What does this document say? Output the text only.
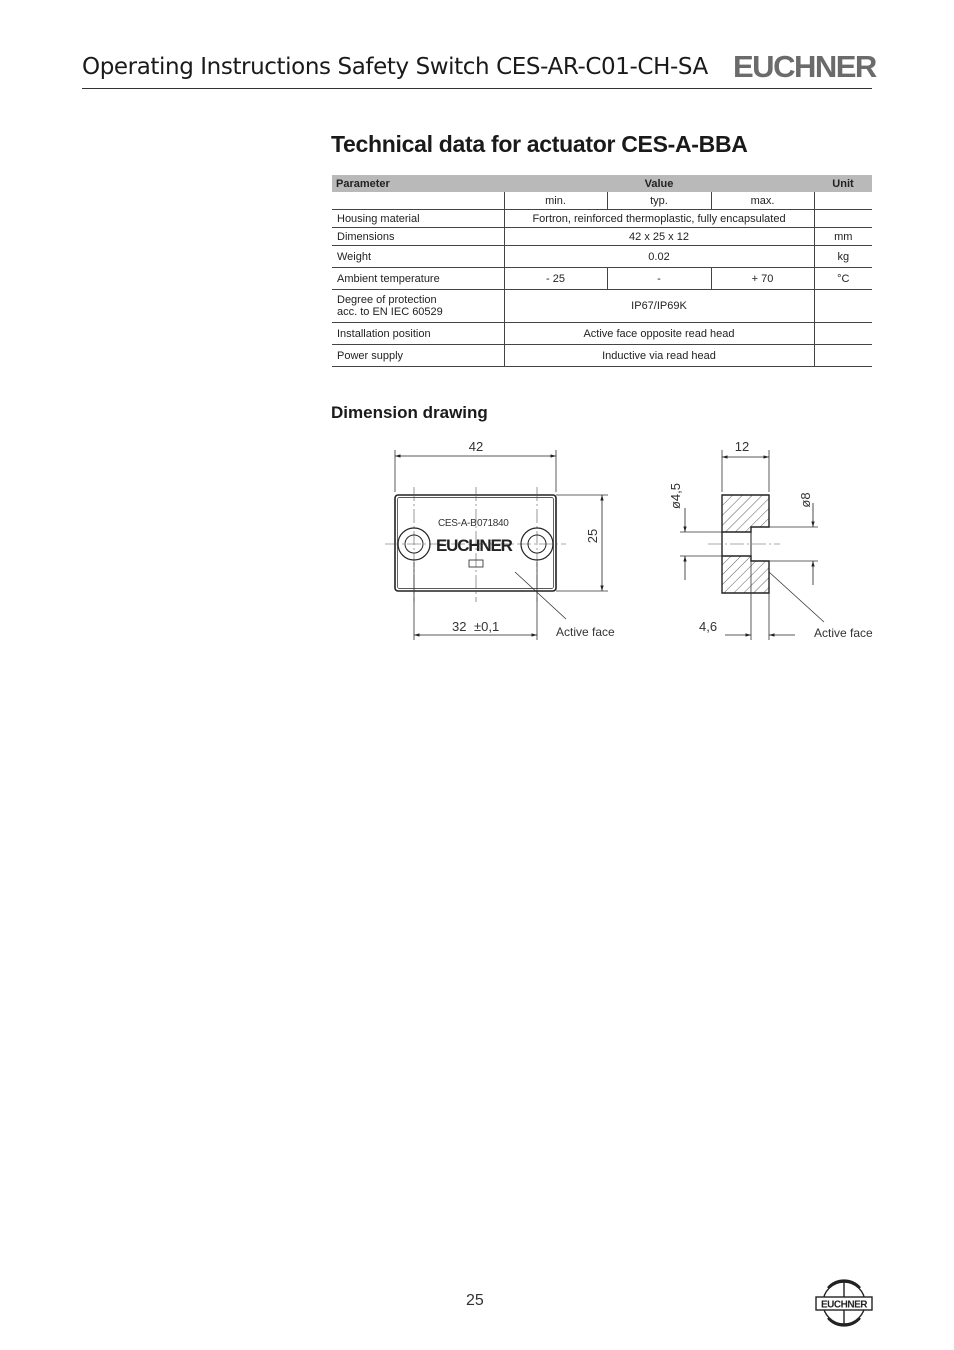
Operating Instructions Safety Switch CES-AR-C01-CH-SA EUCHNER
Technical data for actuator CES-A-BBA
Parameter	Value			Unit
	min.	typ.	max.	
Housing material	Fortron, reinforced thermoplastic, fully encapsulated			
Dimensions	42 x 25 x 12			mm
Weight	0.02			kg
Ambient temperature	- 25	-	+ 70	°C
Degree of protection
acc. to EN IEC 60529	IP67/IP69K			
Installation position	Active face opposite read head			
Power supply	Inductive via read head			
Dimension drawing
42
CES-A-B 071840
EUCHNER	25
32 ±0,1	Active face
12
ø4,5	ø8
4,6	Active face
25	EUCHNER
